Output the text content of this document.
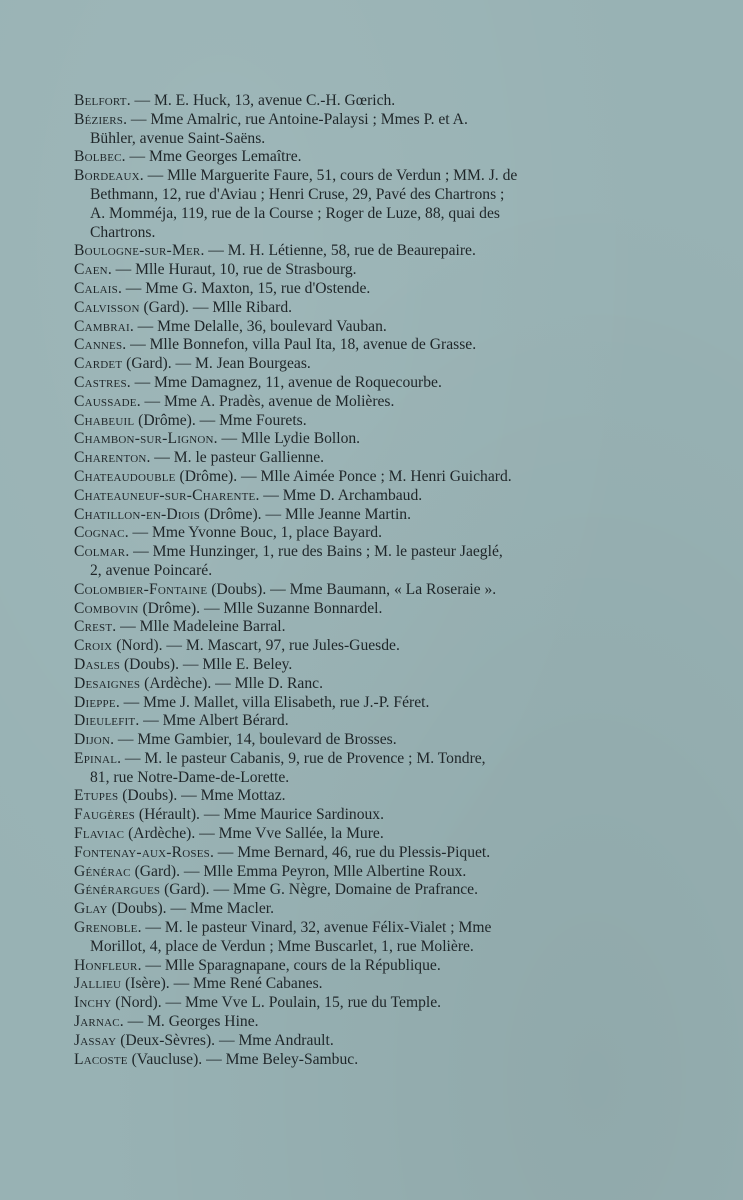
Belfort. — M. E. Huck, 13, avenue C.-H. Gœrich.
Béziers. — Mme Amalric, rue Antoine-Palaysi ; Mmes P. et A.
Bühler, avenue Saint-Saëns.
Bolbec. — Mme Georges Lemaître.
Bordeaux. — Mlle Marguerite Faure, 51, cours de Verdun ; MM. J. de
Bethmann, 12, rue d'Aviau ; Henri Cruse, 29, Pavé des Chartrons ;
A. Momméja, 119, rue de la Course ; Roger de Luze, 88, quai des
Chartrons.
Boulogne-sur-Mer. — M. H. Létienne, 58, rue de Beaurepaire.
Caen. — Mlle Huraut, 10, rue de Strasbourg.
Calais. — Mme G. Maxton, 15, rue d'Ostende.
Calvisson (Gard). — Mlle Ribard.
Cambrai. — Mme Delalle, 36, boulevard Vauban.
Cannes. — Mlle Bonnefon, villa Paul Ita, 18, avenue de Grasse.
Cardet (Gard). — M. Jean Bourgeas.
Castres. — Mme Damagnez, 11, avenue de Roquecourbe.
Caussade. — Mme A. Pradès, avenue de Molières.
Chabeuil (Drôme). — Mme Fourets.
Chambon-sur-Lignon. — Mlle Lydie Bollon.
Charenton. — M. le pasteur Gallienne.
Chateaudouble (Drôme). — Mlle Aimée Ponce ; M. Henri Guichard.
Chateauneuf-sur-Charente. — Mme D. Archambaud.
Chatillon-en-Diois (Drôme). — Mlle Jeanne Martin.
Cognac. — Mme Yvonne Bouc, 1, place Bayard.
Colmar. — Mme Hunzinger, 1, rue des Bains ; M. le pasteur Jaeglé,
2, avenue Poincaré.
Colombier-Fontaine (Doubs). — Mme Baumann, « La Roseraie ».
Combovin (Drôme). — Mlle Suzanne Bonnardel.
Crest. — Mlle Madeleine Barral.
Croix (Nord). — M. Mascart, 97, rue Jules-Guesde.
Dasles (Doubs). — Mlle E. Beley.
Desaignes (Ardèche). — Mlle D. Ranc.
Dieppe. — Mme J. Mallet, villa Elisabeth, rue J.-P. Féret.
Dieulefit. — Mme Albert Bérard.
Dijon. — Mme Gambier, 14, boulevard de Brosses.
Epinal. — M. le pasteur Cabanis, 9, rue de Provence ; M. Tondre,
81, rue Notre-Dame-de-Lorette.
Etupes (Doubs). — Mme Mottaz.
Faugères (Hérault). — Mme Maurice Sardinoux.
Flaviac (Ardèche). — Mme Vve Sallée, la Mure.
Fontenay-aux-Roses. — Mme Bernard, 46, rue du Plessis-Piquet.
Générac (Gard). — Mlle Emma Peyron, Mlle Albertine Roux.
Générargues (Gard). — Mme G. Nègre, Domaine de Prafrance.
Glay (Doubs). — Mme Macler.
Grenoble. — M. le pasteur Vinard, 32, avenue Félix-Vialet ; Mme
Morillot, 4, place de Verdun ; Mme Buscarlet, 1, rue Molière.
Honfleur. — Mlle Sparagnapane, cours de la République.
Jallieu (Isère). — Mme René Cabanes.
Inchy (Nord). — Mme Vve L. Poulain, 15, rue du Temple.
Jarnac. — M. Georges Hine.
Jassay (Deux-Sèvres). — Mme Andrault.
Lacoste (Vaucluse). — Mme Beley-Sambuc.
